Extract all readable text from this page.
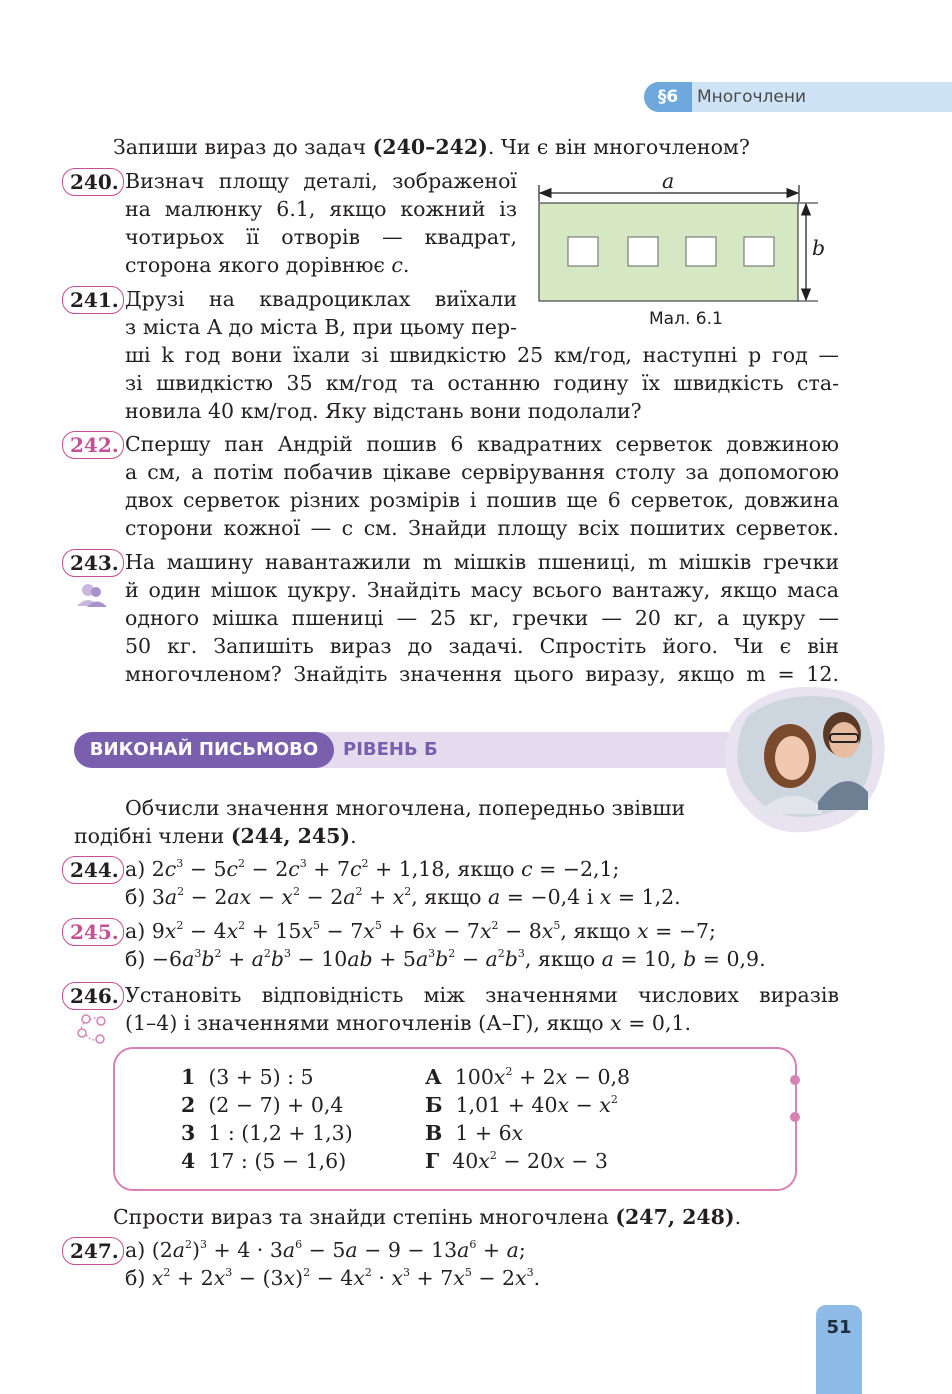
§6	Многочлени
Запиши вираз до задач (240–242). Чи є він многочленом?
240. Визнач площу деталі, зображеної
на малюнку 6.1, якщо кожний із
чотирьох її отворів — квадрат,
сторона якого дорівнює c.
a
b
Мал. 6.1
241. Друзі на квадроциклах виїхали
з міста A до міста B, при цьому пер-
ші k год вони їхали зі швидкістю 25 км/год, наступні p год —
зі швидкістю 35 км/год та останню годину їх швидкість ста-
новила 40 км/год. Яку відстань вони подолали?
242. Спершу пан Андрій пошив 6 квадратних серветок довжиною
a см, а потім побачив цікаве сервірування столу за допомогою
двох серветок різних розмірів і пошив ще 6 серветок, довжина
сторони кожної — c см. Знайди площу всіх пошитих серветок.
243. На машину навантажили m мішків пшениці, m мішків гречки
й один мішок цукру. Знайдіть масу всього вантажу, якщо маса
одного мішка пшениці — 25 кг, гречки — 20 кг, а цукру —
50 кг. Запишіть вираз до задачі. Спростіть його. Чи є він
многочленом? Знайдіть значення цього виразу, якщо m = 12.
ВИКОНАЙ ПИСЬМОВО	РІВЕНЬ Б
Обчисли значення многочлена, попередньо звівши
подібні члени (244, 245).
244. а) $2c^3 - 5c^2 - 2c^3 + 7c^2 + 1,18$, якщо c = −2,1;
б) $3a^2 - 2ax - x^2 - 2a^2 + x^2$, якщо a = −0,4 і x = 1,2.
245. а) $9x^2 - 4x^2 + 15x^5 - 7x^5 + 6x - 7x^2 - 8x^5$, якщо x = −7;
$б) -6a^3b^2 + a^2b^3 - 10ab + 5a^3b^2 - a^2b^3$, якщо a = 10, b = 0,9.
246. Установіть відповідність між значеннями числових виразів
(1–4) і значеннями многочленів (А–Г), якщо x = 0,1.
1 (3 + 5) : 5
2 (2 − 7) + 0,4
3 1 : (1,2 + 1,3)
4 17 : (5 − 1,6)
А  $100x^2 + 2x - 0,8$
Б  $1,01 + 40x - x^2$
В  1 + 6x
Г  $40x^2 - 20x - 3$
Спрости вираз та знайди степінь многочлена (247, 248).
247. а) $(2a^2)^3 + 4 \cdot 3a^6 - 5a - 9 - 13a^6 + a$;
б) $x^2 + 2x^3 - (3x)^2 - 4x^2 \cdot x^3 + 7x^5 - 2x^3$.
51
